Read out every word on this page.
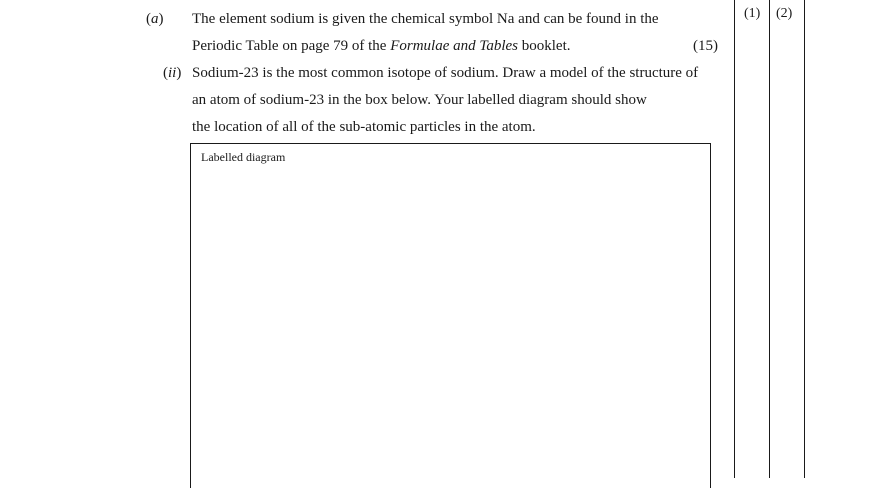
(a) The element sodium is given the chemical symbol Na and can be found in the
Periodic Table on page 79 of the Formulae and Tables booklet.	(15)
(ii) Sodium-23 is the most common isotope of sodium. Draw a model of the structure of
an atom of sodium-23 in the box below. Your labelled diagram should show
the location of all of the sub-atomic particles in the atom.
Labelled diagram
(1) (2)
